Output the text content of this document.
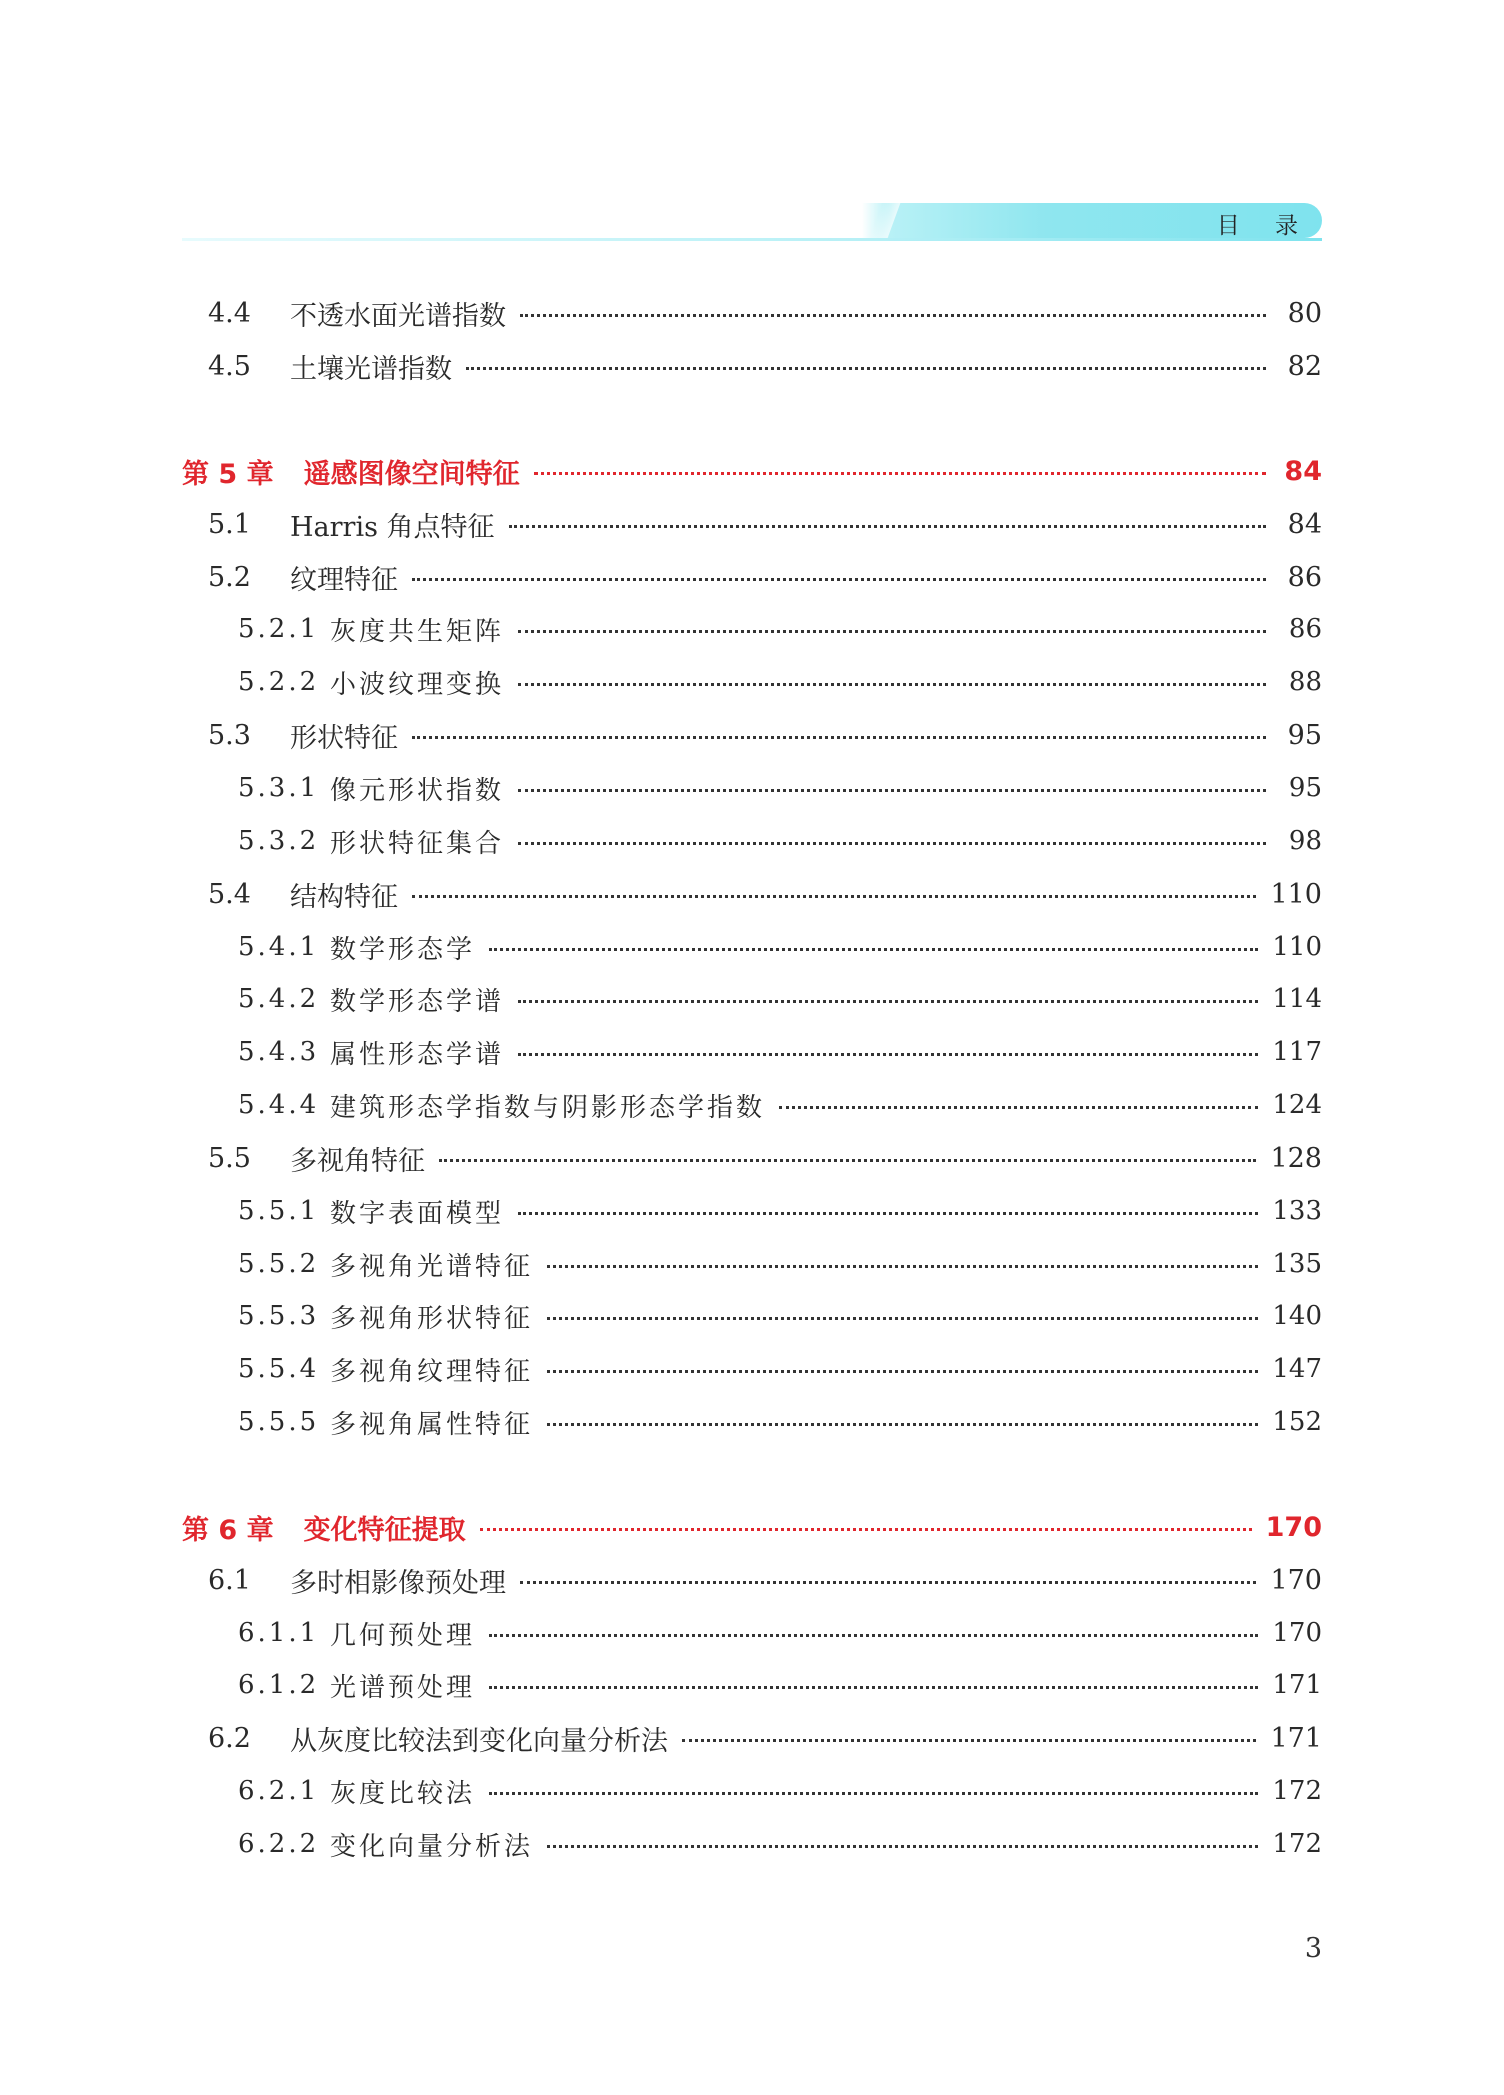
目 录
4.4	不透水面光谱指数	80
4.5	土壤光谱指数	82
第 5 章 遥感图像空间特征	84
5.1	Harris 角点特征	84
5.2	纹理特征	86
5.2.1 灰度共生矩阵	86
5.2.2 小波纹理变换	88
5.3	形状特征	95
5.3.1 像元形状指数	95
5.3.2 形状特征集合	98
5.4	结构特征	110
5.4.1 数学形态学	110
5.4.2 数学形态学谱	114
5.4.3 属性形态学谱	117
5.4.4 建筑形态学指数与阴影形态学指数	124
5.5	多视角特征	128
5.5.1 数字表面模型	133
5.5.2 多视角光谱特征	135
5.5.3 多视角形状特征	140
5.5.4 多视角纹理特征	147
5.5.5 多视角属性特征	152
第 6 章 变化特征提取	170
6.1	多时相影像预处理	170
6.1.1 几何预处理	170
6.1.2 光谱预处理	171
6.2	从灰度比较法到变化向量分析法	171
6.2.1 灰度比较法	172
6.2.2 变化向量分析法	172
3
